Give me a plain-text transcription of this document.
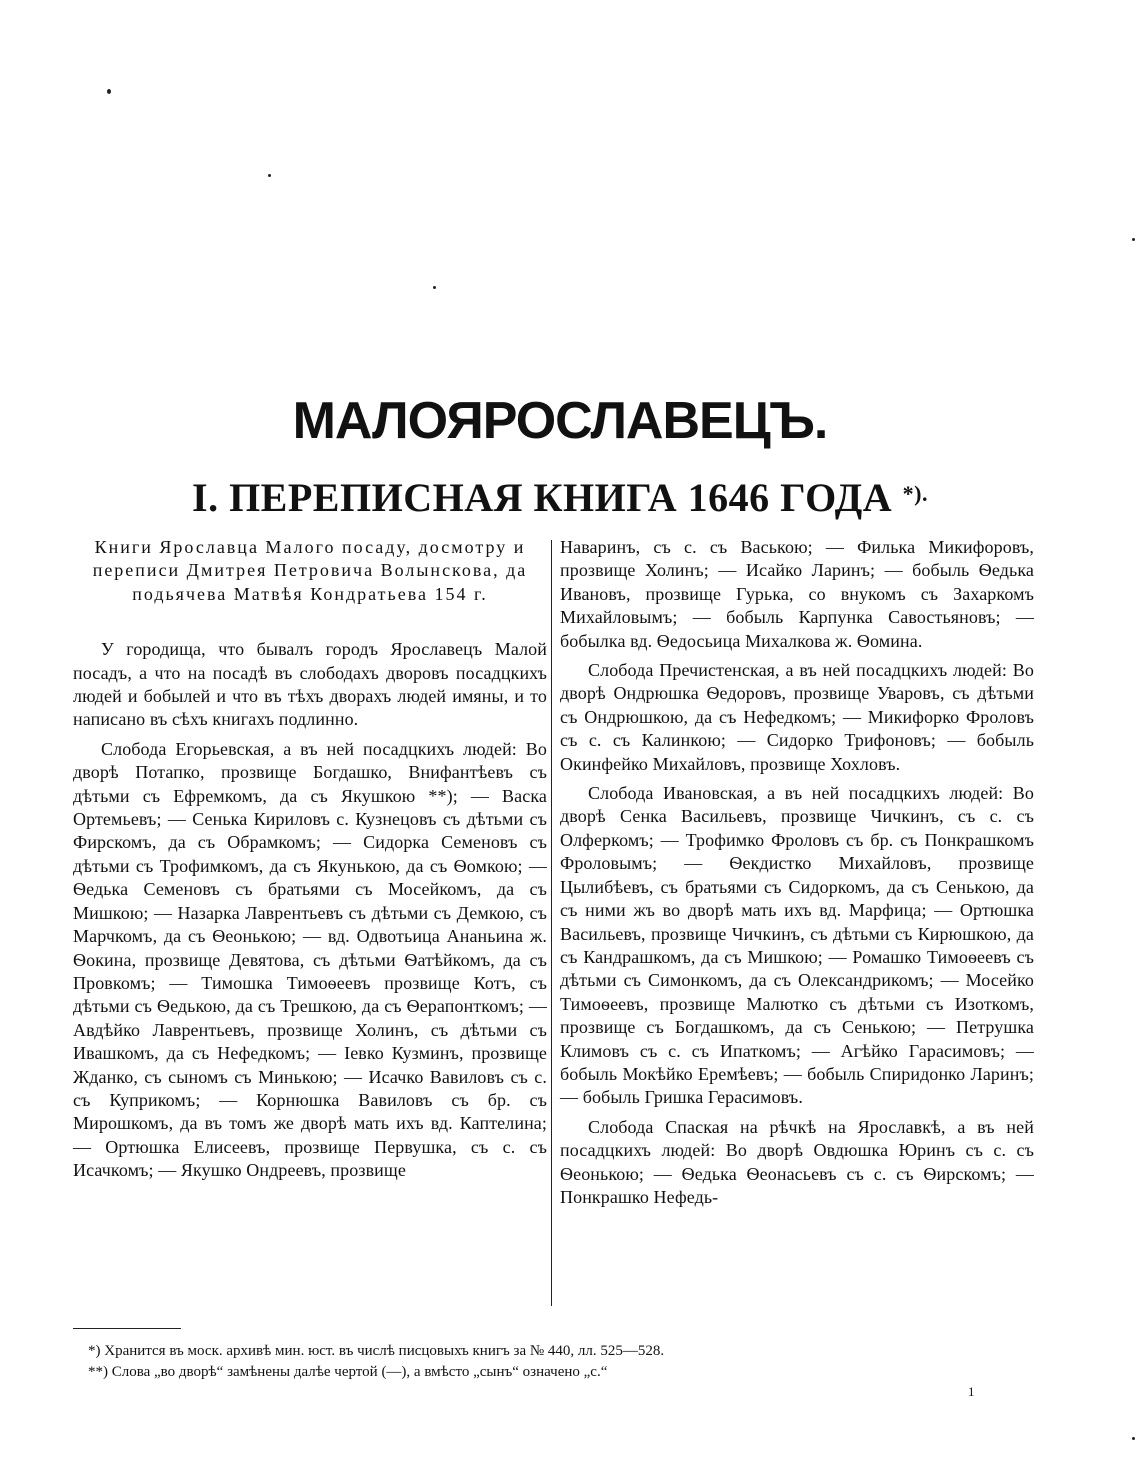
МАЛОЯРОСЛАВЕЦЪ.
I. ПЕРЕПИСНАЯ КНИГА 1646 ГОДА *).
Книги Ярославца Малого посаду, досмотру и переписи Дмитрея Петровича Волынскова, да подьячева Матвѣя Кондратьева 154 г.

У городища, что бывалъ городъ Ярославецъ Малой посадъ, а что на посадѣ въ слободахъ дворовъ посадцкихъ людей и бобылей и что въ тѣхъ дворахъ людей имяны, и то написано въ сѣхъ книгахъ подлинно.

Слобода Егорьевская, а въ ней посадцкихъ людей: Во дворѣ Потапко, прозвище Богдашко, Внифантѣевъ съ дѣтьми съ Ефремкомъ, да съ Якушкою **); — Васка Ортемьевъ; — Сенька Кириловъ с. Кузнецовъ съ дѣтьми съ Фирскомъ, да съ Обрамкомъ; — Сидорка Семеновъ съ дѣтьми съ Трофимкомъ, да съ Якунькою, да съ Ѳомкою; — Ѳедька Семеновъ съ братьями съ Мосейкомъ, да съ Мишкою; — Назарка Лаврентьевъ съ дѣтьми съ Демкою, съ Марчкомъ, да съ Ѳеонькою; — вд. Одвотьица Ананьина ж. Ѳокина, прозвище Девятова, съ дѣтьми Ѳатѣйкомъ, да съ Провкомъ; — Тимошка Тимоѳеевъ прозвище Котъ, съ дѣтьми съ Ѳедькою, да съ Трешкою, да съ Ѳерапонткомъ; — Авдѣйко Лаврентьевъ, прозвище Холинъ, съ дѣтьми съ Ивашкомъ, да съ Нефедкомъ; — Іевко Кузминъ, прозвище Жданко, съ сыномъ съ Минькою; — Исачко Вавиловъ съ с. съ Куприкомъ; — Корнюшка Вавиловъ съ бр. съ Мирошкомъ, да въ томъ же дворѣ мать ихъ вд. Каптелина; — Ортюшка Елисеевъ, прозвище Первушка, съ с. съ Исачкомъ; — Якушко Ондреевъ, прозвище

Наваринъ, съ с. съ Ваською; — Филька Микифоровъ, прозвище Холинъ; — Исайко Ларинъ; — бобыль Ѳедька Ивановъ, прозвище Гурька, со внукомъ съ Захаркомъ Михайловымъ; — бобыль Карпунка Савостьяновъ; — бобылка вд. Ѳедосьица Михалкова ж. Ѳомина.

Слобода Пречистенская, а въ ней посадцкихъ людей: Во дворѣ Ондрюшка Ѳедоровъ, прозвище Уваровъ, съ дѣтьми съ Ондрюшкою, да съ Нефедкомъ; — Микифорко Фроловъ съ с. съ Калинкою; — Сидорко Трифоновъ; — бобыль Окинфейко Михайловъ, прозвище Хохловъ.

Слобода Ивановская, а въ ней посадцкихъ людей: Во дворѣ Сенка Васильевъ, прозвище Чичкинъ, съ с. съ Олферкомъ; — Трофимко Фроловъ съ бр. съ Понкрашкомъ Фроловымъ; — Ѳекдистко Михайловъ, прозвище Цылибѣевъ, съ братьями съ Сидоркомъ, да съ Сенькою, да съ ними жъ во дворѣ мать ихъ вд. Марфица; — Ортюшка Васильевъ, прозвище Чичкинъ, съ дѣтьми съ Кирюшкою, да съ Кандрашкомъ, да съ Мишкою; — Ромашко Тимоѳеевъ съ дѣтьми съ Симонкомъ, да съ Олександрикомъ; — Мосейко Тимоѳеевъ, прозвище Малютко съ дѣтьми съ Изоткомъ, прозвище съ Богдашкомъ, да съ Сенькою; — Петрушка Климовъ съ с. съ Ипаткомъ; — Агѣйко Гарасимовъ; — бобыль Мокѣйко Еремѣевъ; — бобыль Спиридонко Ларинъ; — бобыль Гришка Герасимовъ.

Слобода Спаская на рѣчкѣ на Ярославкѣ, а въ ней посадцкихъ людей: Во дворѣ Овдюшка Юринъ съ с. съ Ѳеонькою; — Ѳедька Ѳеонасьевъ съ с. съ Ѳирскомъ; — Понкрашко Нефедь-

*) Хранится въ моск. архивѣ мин. юст. въ числѣ писцовыхъ книгъ за № 440, лл. 525—528.
**) Слова „во дворѣ“ замѣнены далѣе чертой (—), а вмѣсто „сынъ“ означено „с.“
1
